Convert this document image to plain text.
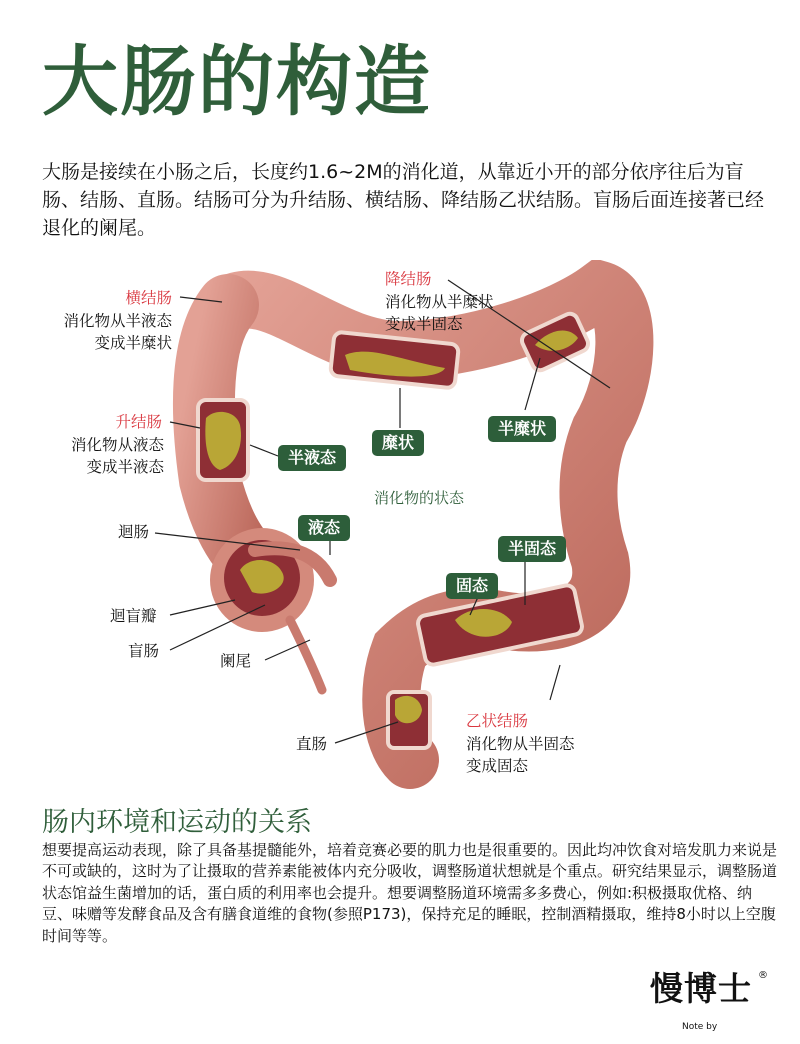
大肠的构造
大肠是接续在小肠之后，长度约1.6~2M的消化道，从靠近小开的部分依序往后为盲肠、结肠、直肠。结肠可分为升结肠、横结肠、降结肠乙状结肠。盲肠后面连接著已经退化的阑尾。
横结肠
消化物从半液态
变成半糜状
降结肠
消化物从半糜状
变成半固态
升结肠
消化物从液态
变成半液态
乙状结肠
消化物从半固态
变成固态
迴肠
迴盲瓣
盲肠
阑尾
直肠
半液态
糜状
半糜状
液态
半固态
固态
消化物的状态
肠内环境和运动的关系
想要提高运动表现，除了具备基提髓能外，培着竞赛必要的肌力也是很重要的。因此均冲饮食对培发肌力来说是不可或缺的，这时为了让摄取的营养素能被体内充分吸收，调整肠道状想就是个重点。研究结果显示，调整肠道状态馆益生菌增加的话，蛋白质的利用率也会提升。想要调整肠道环境需多多费心，例如:积极摄取优格、纳豆、味赠等发酵食品及含有膳食道维的食物(参照P173)，保持充足的睡眠，控制酒精摄取，维持8小时以上空腹时间等等。
慢博士 ®
Note by
